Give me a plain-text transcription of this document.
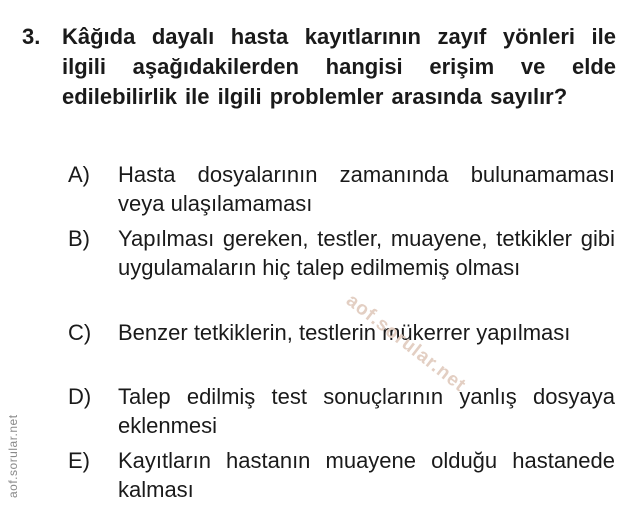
3. Kâğıda dayalı hasta kayıtlarının zayıf yönleri ile ilgili aşağıdakilerden hangisi erişim ve elde edilebilirlik ile ilgili problemler arasında sayılır?
A) Hasta dosyalarının zamanında bulunamaması veya ulaşılamaması
B) Yapılması gereken, testler, muayene, tetkikler gibi uygulamaların hiç talep edilmemiş olması
C) Benzer tetkiklerin, testlerin mükerrer yapılması
D) Talep edilmiş test sonuçlarının yanlış dosyaya eklenmesi
E) Kayıtların hastanın muayene olduğu hastanede kalması
aof.sorular.net
aof.sorular.net
